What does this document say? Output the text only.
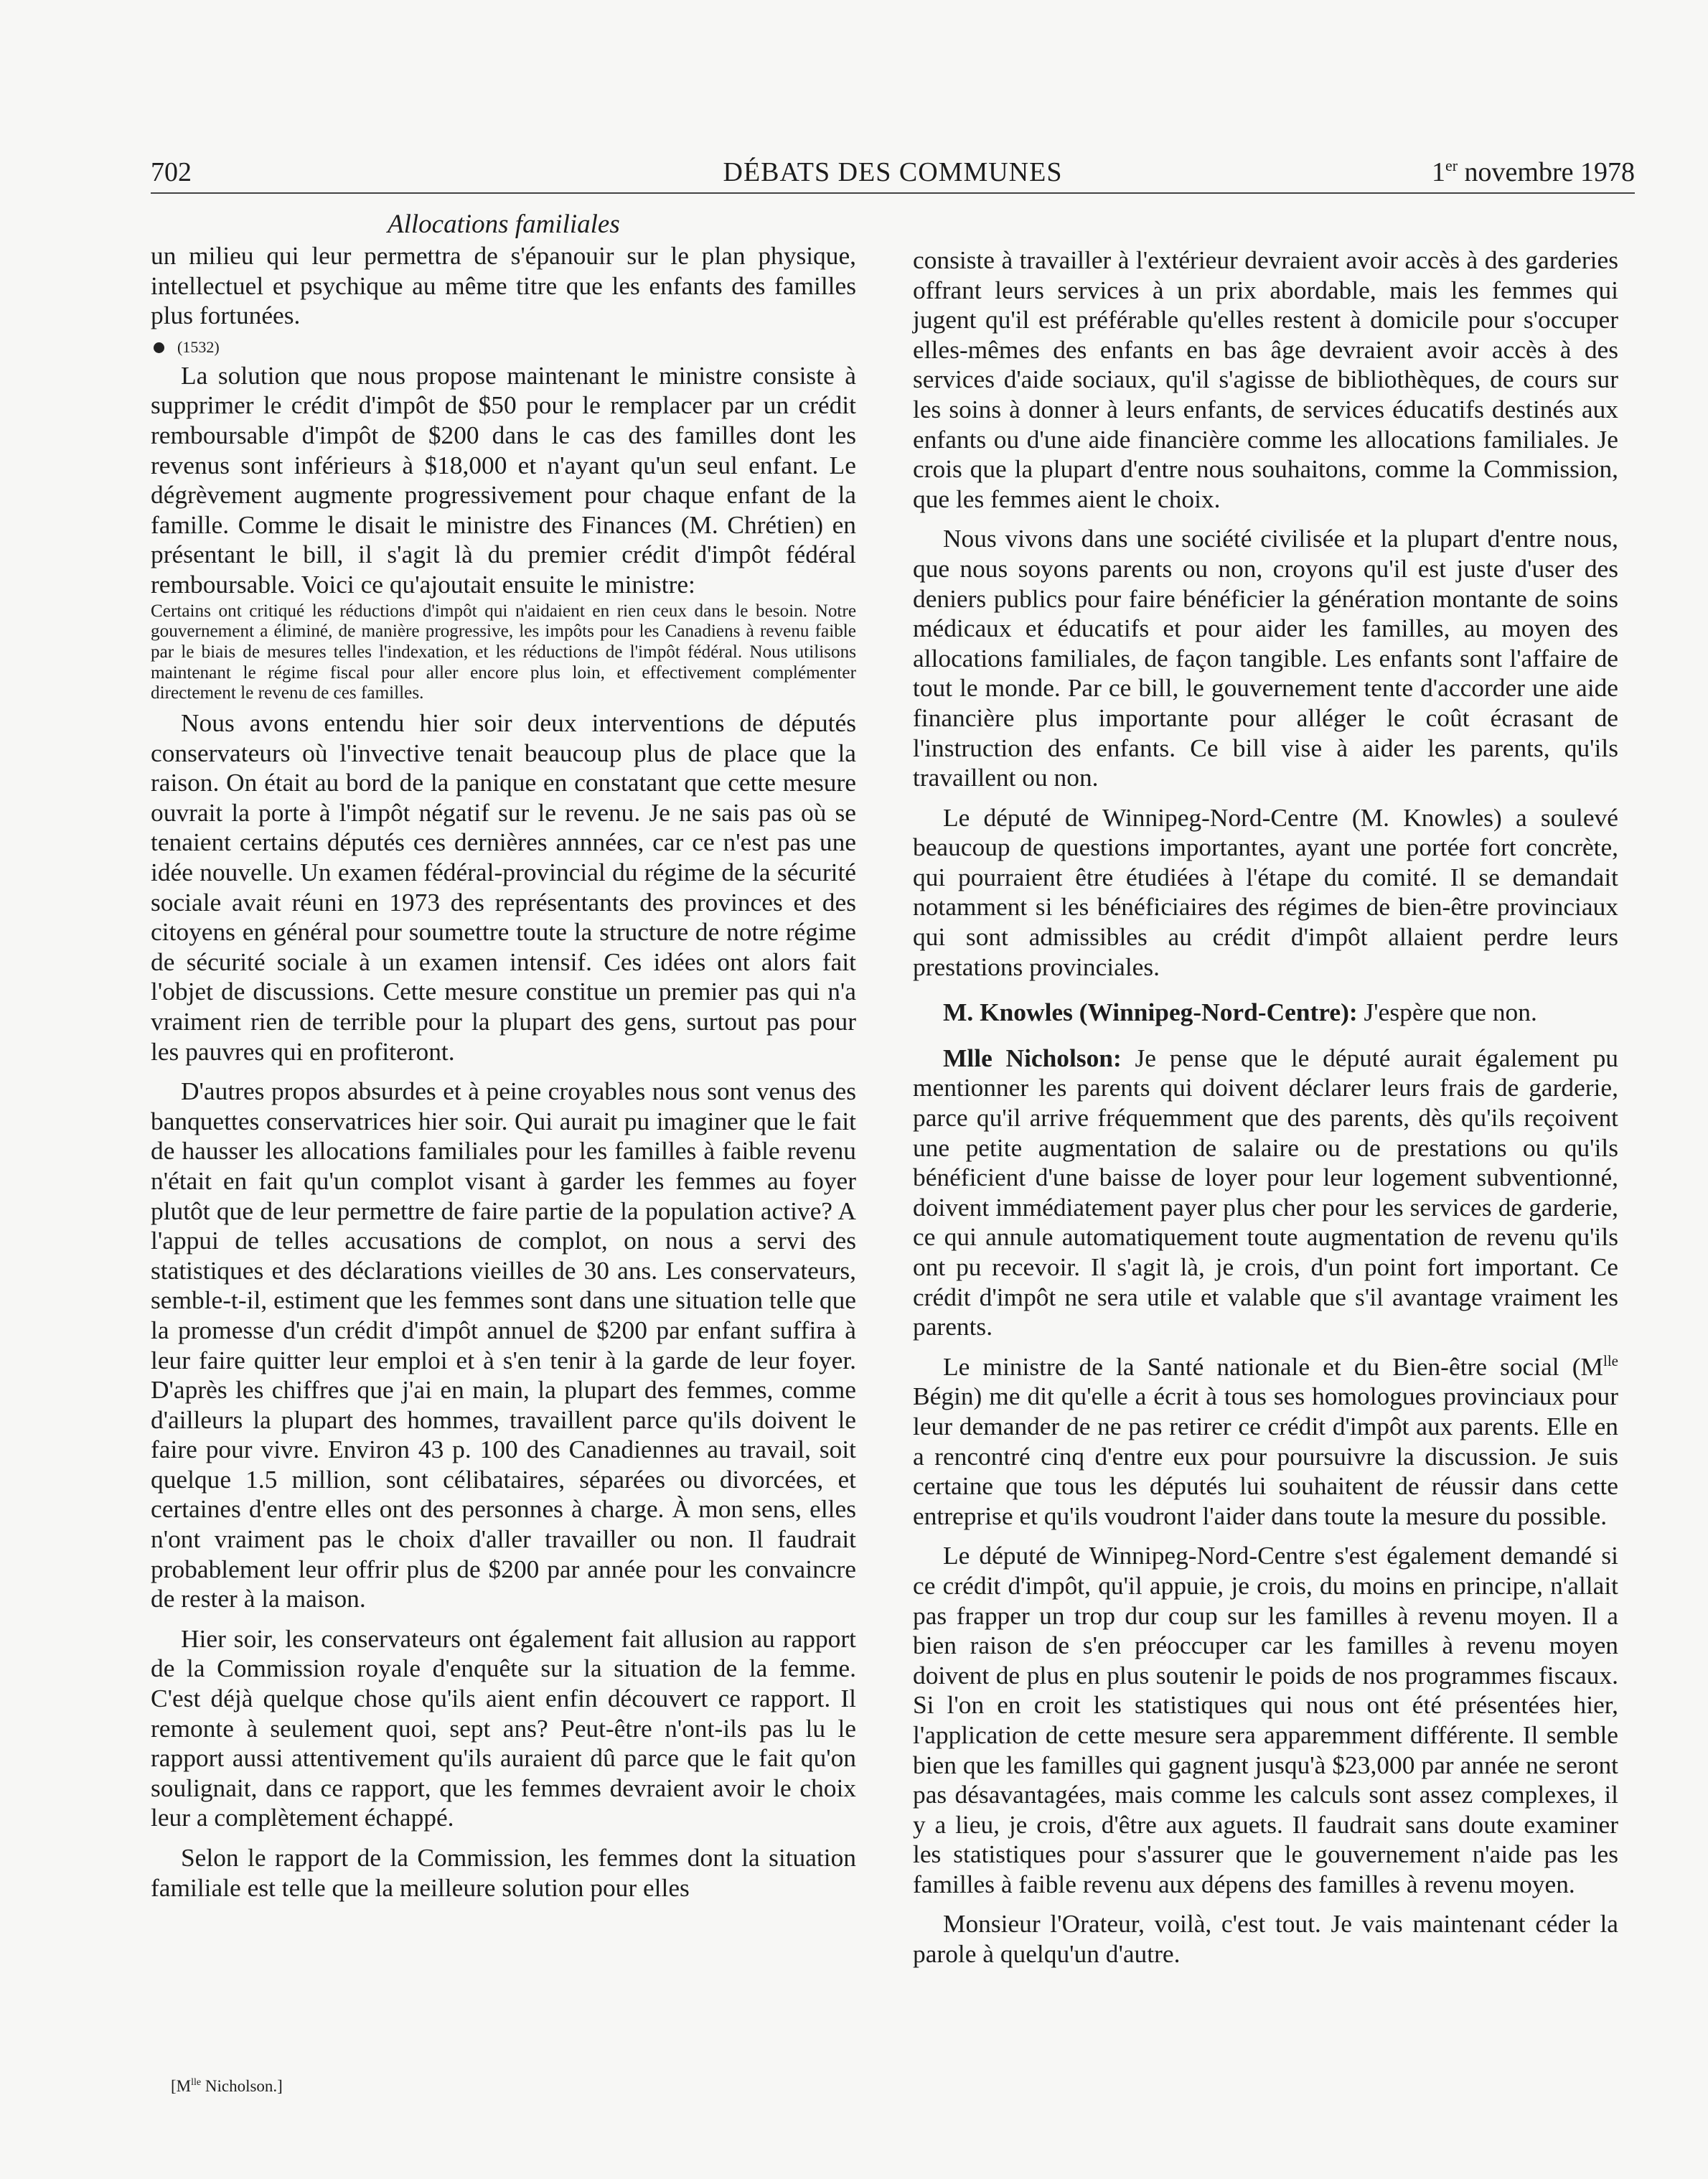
702	DÉBATS DES COMMUNES	1er novembre 1978
Allocations familiales

un milieu qui leur permettra de s'épanouir sur le plan physique, intellectuel et psychique au même titre que les enfants des familles plus fortunées.

(1532)

La solution que nous propose maintenant le ministre consiste à supprimer le crédit d'impôt de $50 pour le remplacer par un crédit remboursable d'impôt de $200 dans le cas des familles dont les revenus sont inférieurs à $18,000 et n'ayant qu'un seul enfant. Le dégrèvement augmente progressivement pour chaque enfant de la famille. Comme le disait le ministre des Finances (M. Chrétien) en présentant le bill, il s'agit là du premier crédit d'impôt fédéral remboursable. Voici ce qu'ajoutait ensuite le ministre:

Certains ont critiqué les réductions d'impôt qui n'aidaient en rien ceux dans le besoin. Notre gouvernement a éliminé, de manière progressive, les impôts pour les Canadiens à revenu faible par le biais de mesures telles l'indexation, et les réductions de l'impôt fédéral. Nous utilisons maintenant le régime fiscal pour aller encore plus loin, et effectivement complémenter directement le revenu de ces familles.

Nous avons entendu hier soir deux interventions de députés conservateurs où l'invective tenait beaucoup plus de place que la raison. On était au bord de la panique en constatant que cette mesure ouvrait la porte à l'impôt négatif sur le revenu. Je ne sais pas où se tenaient certains députés ces dernières annnées, car ce n'est pas une idée nouvelle. Un examen fédéral-provincial du régime de la sécurité sociale avait réuni en 1973 des représentants des provinces et des citoyens en général pour soumettre toute la structure de notre régime de sécurité sociale à un examen intensif. Ces idées ont alors fait l'objet de discussions. Cette mesure constitue un premier pas qui n'a vraiment rien de terrible pour la plupart des gens, surtout pas pour les pauvres qui en profiteront.

D'autres propos absurdes et à peine croyables nous sont venus des banquettes conservatrices hier soir. Qui aurait pu imaginer que le fait de hausser les allocations familiales pour les familles à faible revenu n'était en fait qu'un complot visant à garder les femmes au foyer plutôt que de leur permettre de faire partie de la population active? A l'appui de telles accusations de complot, on nous a servi des statistiques et des déclarations vieilles de 30 ans. Les conservateurs, semble-t-il, estiment que les femmes sont dans une situation telle que la promesse d'un crédit d'impôt annuel de $200 par enfant suffira à leur faire quitter leur emploi et à s'en tenir à la garde de leur foyer. D'après les chiffres que j'ai en main, la plupart des femmes, comme d'ailleurs la plupart des hommes, travaillent parce qu'ils doivent le faire pour vivre. Environ 43 p. 100 des Canadiennes au travail, soit quelque 1.5 million, sont célibataires, séparées ou divorcées, et certaines d'entre elles ont des personnes à charge. À mon sens, elles n'ont vraiment pas le choix d'aller travailler ou non. Il faudrait probablement leur offrir plus de $200 par année pour les convaincre de rester à la maison.

Hier soir, les conservateurs ont également fait allusion au rapport de la Commission royale d'enquête sur la situation de la femme. C'est déjà quelque chose qu'ils aient enfin découvert ce rapport. Il remonte à seulement quoi, sept ans? Peut-être n'ont-ils pas lu le rapport aussi attentivement qu'ils auraient dû parce que le fait qu'on soulignait, dans ce rapport, que les femmes devraient avoir le choix leur a complètement échappé.

Selon le rapport de la Commission, les femmes dont la situation familiale est telle que la meilleure solution pour elles

consiste à travailler à l'extérieur devraient avoir accès à des garderies offrant leurs services à un prix abordable, mais les femmes qui jugent qu'il est préférable qu'elles restent à domicile pour s'occuper elles-mêmes des enfants en bas âge devraient avoir accès à des services d'aide sociaux, qu'il s'agisse de bibliothèques, de cours sur les soins à donner à leurs enfants, de services éducatifs destinés aux enfants ou d'une aide financière comme les allocations familiales. Je crois que la plupart d'entre nous souhaitons, comme la Commission, que les femmes aient le choix.

Nous vivons dans une société civilisée et la plupart d'entre nous, que nous soyons parents ou non, croyons qu'il est juste d'user des deniers publics pour faire bénéficier la génération montante de soins médicaux et éducatifs et pour aider les familles, au moyen des allocations familiales, de façon tangible. Les enfants sont l'affaire de tout le monde. Par ce bill, le gouvernement tente d'accorder une aide financière plus importante pour alléger le coût écrasant de l'instruction des enfants. Ce bill vise à aider les parents, qu'ils travaillent ou non.

Le député de Winnipeg-Nord-Centre (M. Knowles) a soulevé beaucoup de questions importantes, ayant une portée fort concrète, qui pourraient être étudiées à l'étape du comité. Il se demandait notamment si les bénéficiaires des régimes de bien-être provinciaux qui sont admissibles au crédit d'impôt allaient perdre leurs prestations provinciales.

M. Knowles (Winnipeg-Nord-Centre): J'espère que non.

Mlle Nicholson: Je pense que le député aurait également pu mentionner les parents qui doivent déclarer leurs frais de garderie, parce qu'il arrive fréquemment que des parents, dès qu'ils reçoivent une petite augmentation de salaire ou de prestations ou qu'ils bénéficient d'une baisse de loyer pour leur logement subventionné, doivent immédiatement payer plus cher pour les services de garderie, ce qui annule automatiquement toute augmentation de revenu qu'ils ont pu recevoir. Il s'agit là, je crois, d'un point fort important. Ce crédit d'impôt ne sera utile et valable que s'il avantage vraiment les parents.

Le ministre de la Santé nationale et du Bien-être social ($M^{lle}$ Bégin) me dit qu'elle a écrit à tous ses homologues provinciaux pour leur demander de ne pas retirer ce crédit d'impôt aux parents. Elle en a rencontré cinq d'entre eux pour poursuivre la discussion. Je suis certaine que tous les députés lui souhaitent de réussir dans cette entreprise et qu'ils voudront l'aider dans toute la mesure du possible.

Le député de Winnipeg-Nord-Centre s'est également demandé si ce crédit d'impôt, qu'il appuie, je crois, du moins en principe, n'allait pas frapper un trop dur coup sur les familles à revenu moyen. Il a bien raison de s'en préoccuper car les familles à revenu moyen doivent de plus en plus soutenir le poids de nos programmes fiscaux. Si l'on en croit les statistiques qui nous ont été présentées hier, l'application de cette mesure sera apparemment différente. Il semble bien que les familles qui gagnent jusqu'à $23,000 par année ne seront pas désavantagées, mais comme les calculs sont assez complexes, il y a lieu, je crois, d'être aux aguets. Il faudrait sans doute examiner les statistiques pour s'assurer que le gouvernement n'aide pas les familles à faible revenu aux dépens des familles à revenu moyen.

Monsieur l'Orateur, voilà, c'est tout. Je vais maintenant céder la parole à quelqu'un d'autre.

[$M^{lle}$ Nicholson.]
